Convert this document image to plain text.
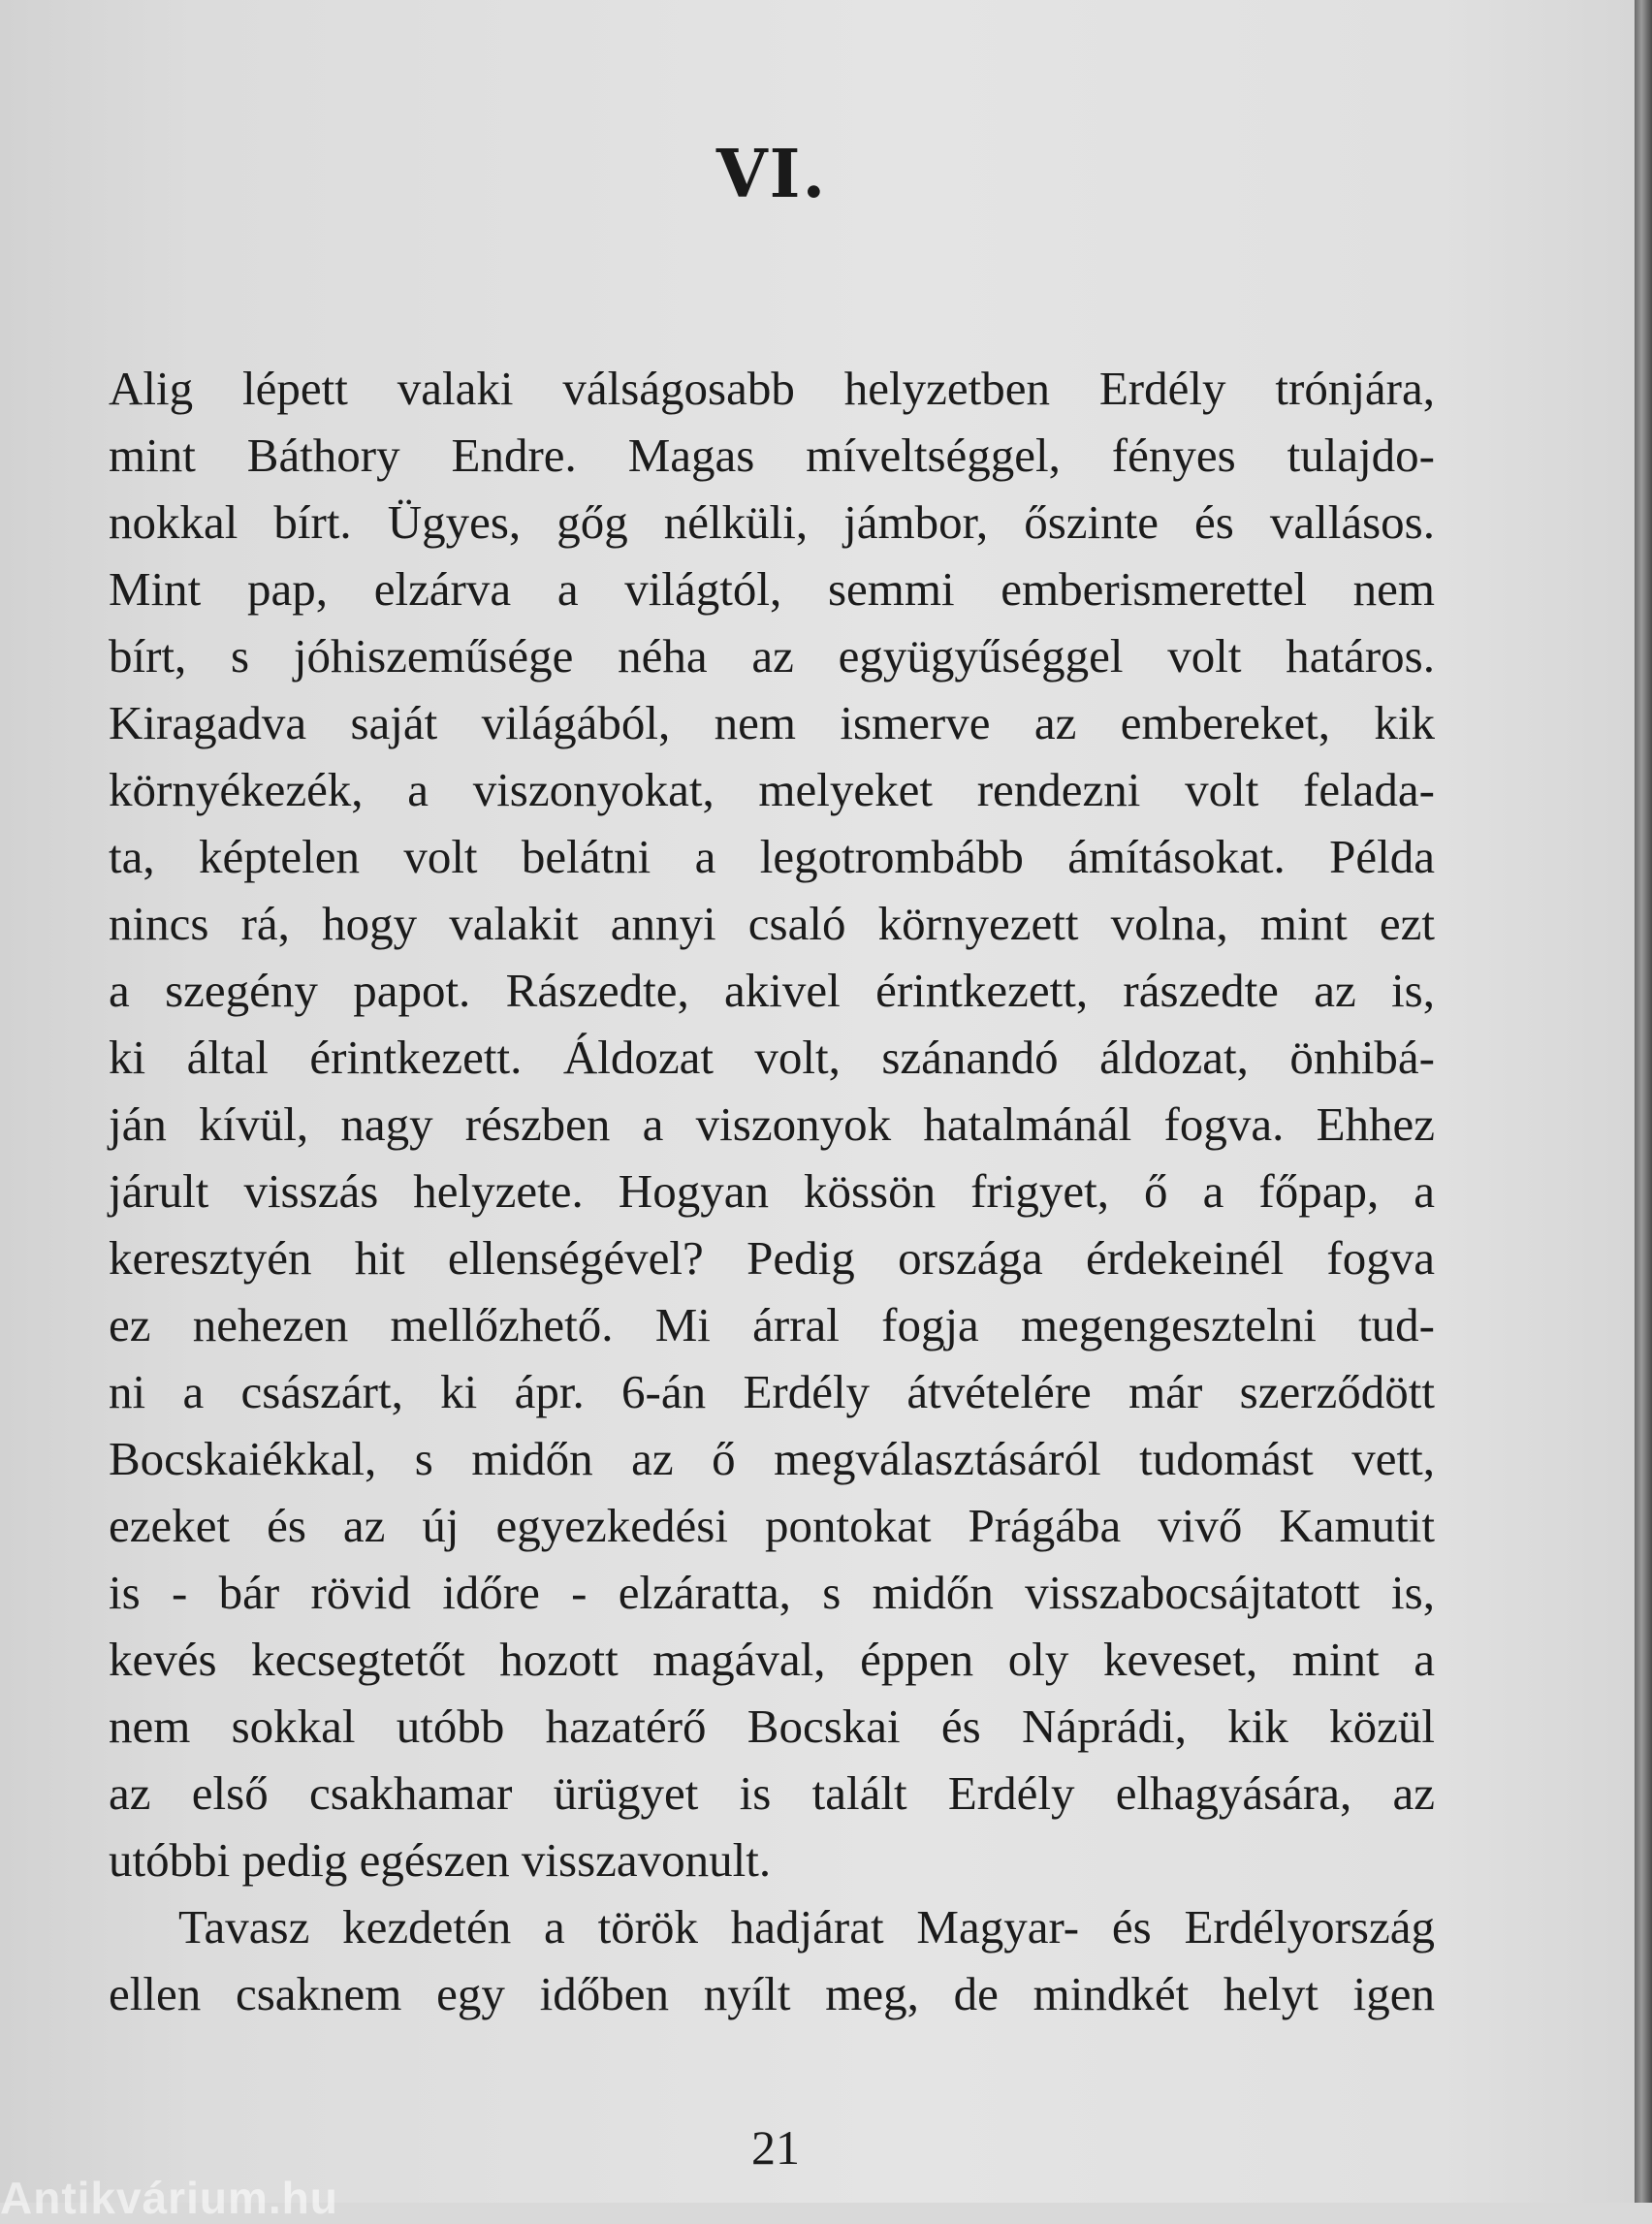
VI.
Alig lépett valaki válságosabb helyzetben Erdély trónjára,
mint Báthory Endre. Magas míveltséggel, fényes tulajdo-
nokkal bírt. Ügyes, gőg nélküli, jámbor, őszinte és vallásos.
Mint pap, elzárva a világtól, semmi emberismerettel nem
bírt, s jóhiszeműsége néha az együgyűséggel volt határos.
Kiragadva saját világából, nem ismerve az embereket, kik
környékezék, a viszonyokat, melyeket rendezni volt felada-
ta, képtelen volt belátni a legotrombább ámításokat. Példa
nincs rá, hogy valakit annyi csaló környezett volna, mint ezt
a szegény papot. Rászedte, akivel érintkezett, rászedte az is,
ki által érintkezett. Áldozat volt, szánandó áldozat, önhibá-
ján kívül, nagy részben a viszonyok hatalmánál fogva. Ehhez
járult visszás helyzete. Hogyan kössön frigyet, ő a főpap, a
keresztyén hit ellenségével? Pedig országa érdekeinél fogva
ez nehezen mellőzhető. Mi árral fogja megengesztelni tud-
ni a császárt, ki ápr. 6-án Erdély átvételére már szerződött
Bocskaiékkal, s midőn az ő megválasztásáról tudomást vett,
ezeket és az új egyezkedési pontokat Prágába vivő Kamutit
is - bár rövid időre - elzáratta, s midőn visszabocsájtatott is,
kevés kecsegtetőt hozott magával, éppen oly keveset, mint a
nem sokkal utóbb hazatérő Bocskai és Náprádi, kik közül
az első csakhamar ürügyet is talált Erdély elhagyására, az
utóbbi pedig egészen visszavonult.
Tavasz kezdetén a török hadjárat Magyar- és Erdélyország
ellen csaknem egy időben nyílt meg, de mindkét helyt igen
21
Antikvárium.hu
